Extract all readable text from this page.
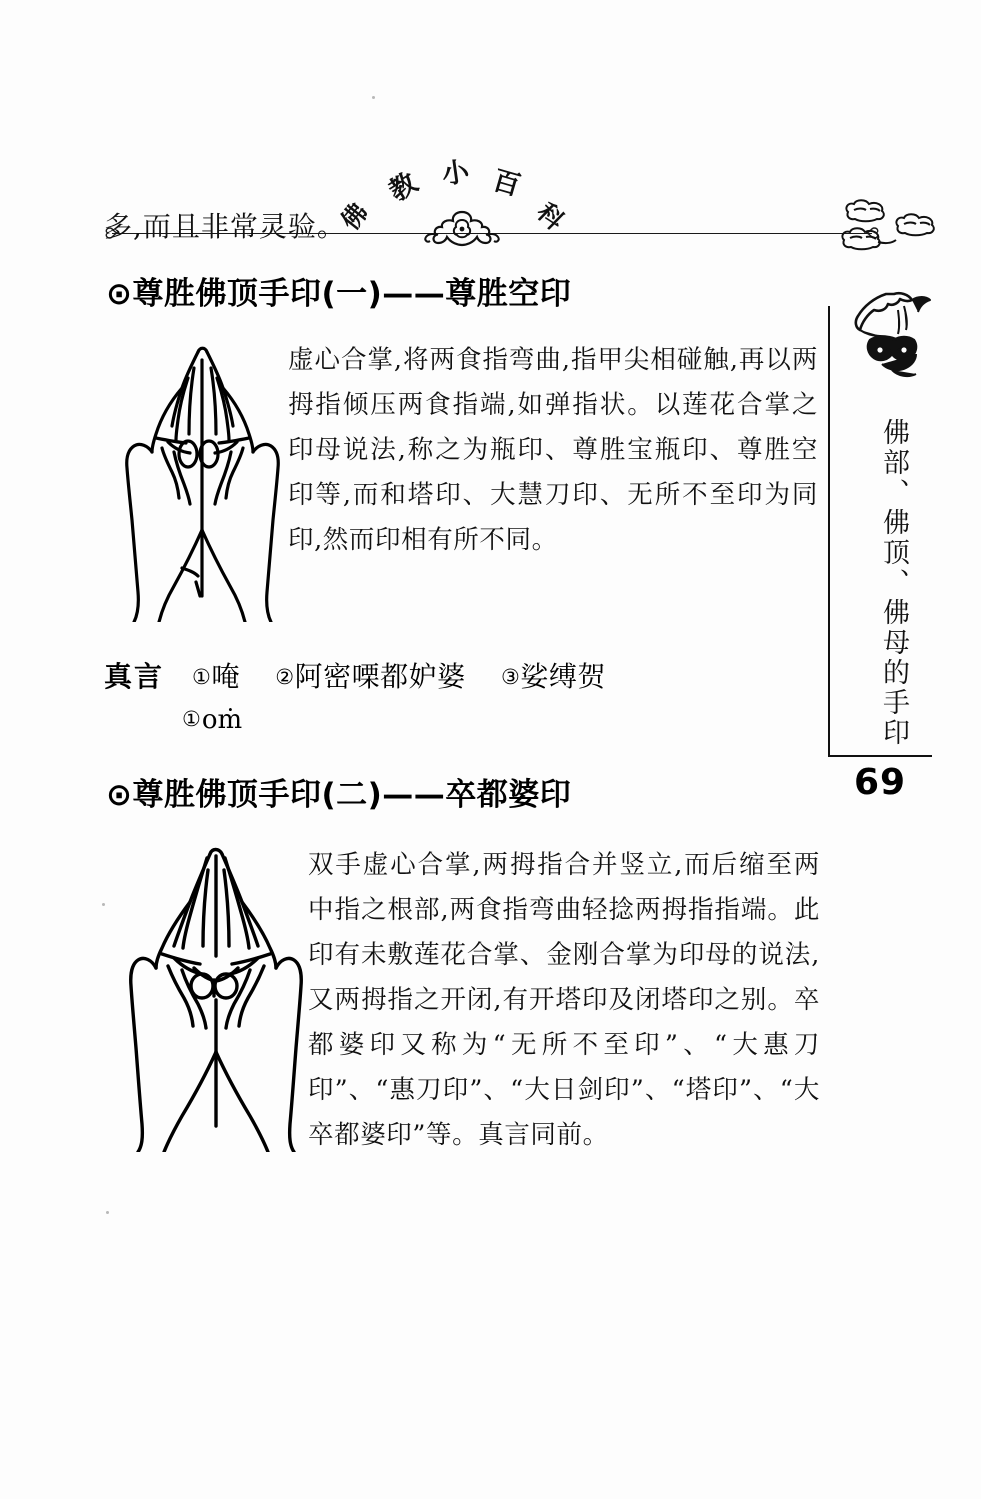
佛
教 小 百
科
多,而且非常灵验。
⊙尊胜佛顶手印(一)——尊胜空印
虚心合掌,将两食指弯曲,指甲尖相碰触,再以两拇指倾压两食指端,如弹指状。以莲花合掌之印母说法,称之为瓶印、尊胜宝瓶印、尊胜空印等,而和塔印、大慧刀印、无所不至印为同印,然而印相有所不同。
真言 ①唵 ②阿密㗚都妒婆 ③娑缚贺
①oṁ
⊙尊胜佛顶手印(二)——卒都婆印
双手虚心合掌,两拇指合并竖立,而后缩至两中指之根部,两食指弯曲轻捻两拇指指端。此印有未敷莲花合掌、金刚合掌为印母的说法,又两拇指之开闭,有开塔印及闭塔印之别。卒都婆印又称为“无所不至印”、“大惠刀印”、“惠刀印”、“大日剑印”、“塔印”、“大卒都婆印”等。真言同前。
佛部、佛顶、佛母的手印
69
